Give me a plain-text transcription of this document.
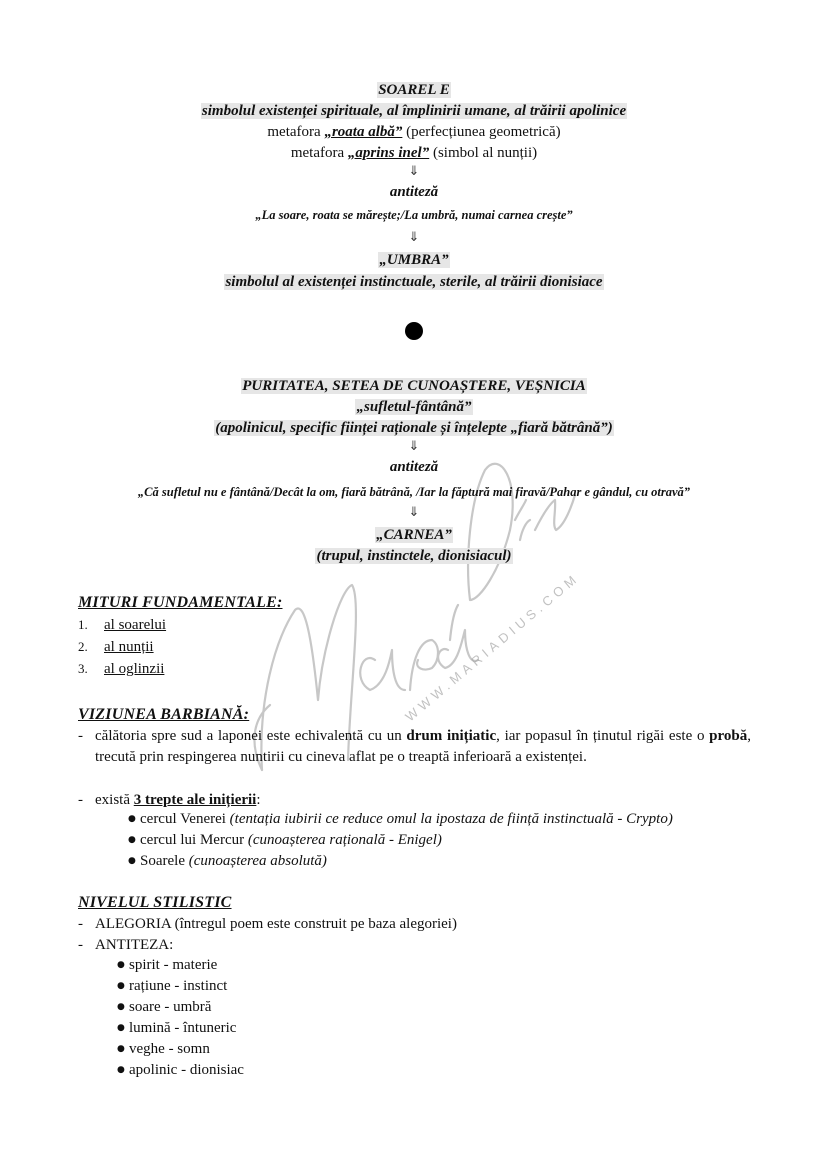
WWW.MARIADIUS.COM
SOAREL E
simbolul existenței spirituale, al împlinirii umane, al trăirii apolinice
metafora „roata albă” (perfecțiunea geometrică)
metafora „aprins inel” (simbol al nunții)
⇓
antiteză
„La soare, roata se mărește;/La umbră, numai carnea crește”
⇓
„UMBRA”
simbolul al existenței instinctuale, sterile, al trăirii dionisiace
PURITATEA, SETEA DE CUNOAȘTERE, VEȘNICIA
„sufletul-fântână”
(apolinicul, specific ființei raționale și înțelepte „fiară bătrână”)
⇓
antiteză
„Că sufletul nu e fântână/Decât la om, fiară bătrână, /Iar la făptură mai firavă/Pahar e gândul, cu otravă”
⇓
„CARNEA”
(trupul, instinctele, dionisiacul)
MITURI FUNDAMENTALE:
1. al soarelui
2. al nunții
3. al oglinzii
VIZIUNEA BARBIANĂ:
- călătoria spre sud a laponei este echivalentă cu un drum inițiatic, iar popasul în ținutul rigăi este o probă, trecută prin respingerea nuntirii cu cineva aflat pe o treaptă inferioară a existenței.
- există 3 trepte ale inițierii:
● cercul Venerei (tentația iubirii ce reduce omul la ipostaza de ființă instinctuală - Crypto)
● cercul lui Mercur (cunoașterea rațională - Enigel)
● Soarele (cunoașterea absolută)
NIVELUL STILISTIC
- ALEGORIA (întregul poem este construit pe baza alegoriei)
- ANTITEZA:
● spirit - materie
● rațiune - instinct
● soare - umbră
● lumină - întuneric
● veghe - somn
● apolinic - dionisiac
